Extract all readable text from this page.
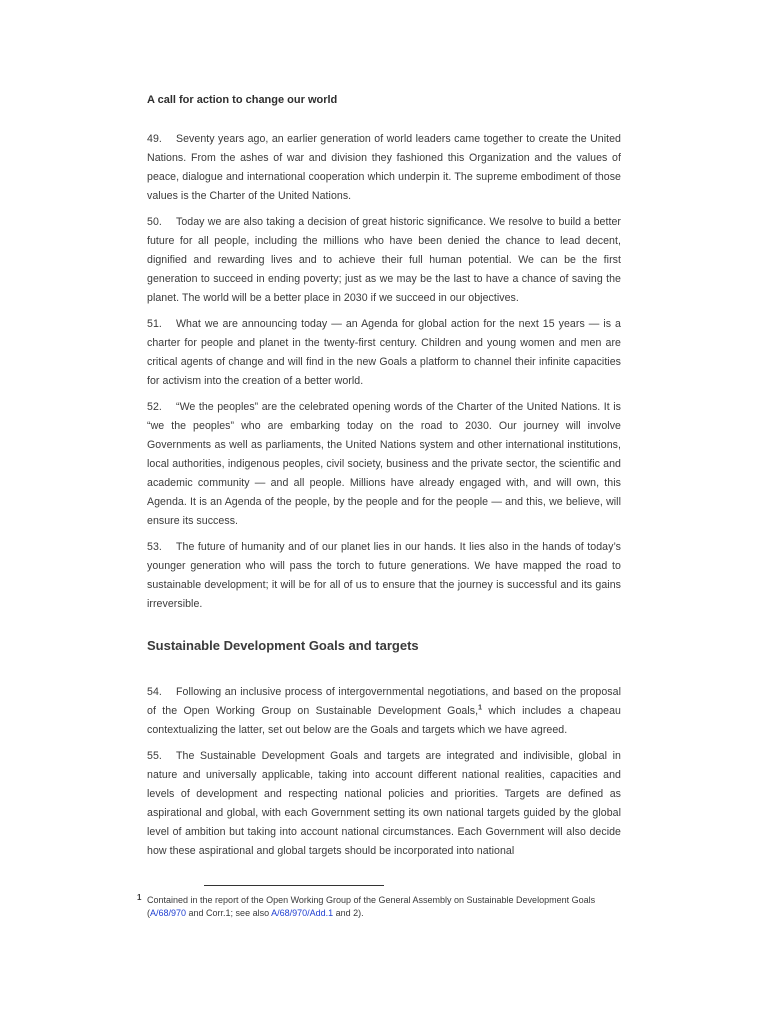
A call for action to change our world

49. Seventy years ago, an earlier generation of world leaders came together to create the United Nations. From the ashes of war and division they fashioned this Organization and the values of peace, dialogue and international cooperation which underpin it. The supreme embodiment of those values is the Charter of the United Nations.

50. Today we are also taking a decision of great historic significance. We resolve to build a better future for all people, including the millions who have been denied the chance to lead decent, dignified and rewarding lives and to achieve their full human potential. We can be the first generation to succeed in ending poverty; just as we may be the last to have a chance of saving the planet. The world will be a better place in 2030 if we succeed in our objectives.

51. What we are announcing today — an Agenda for global action for the next 15 years — is a charter for people and planet in the twenty-first century. Children and young women and men are critical agents of change and will find in the new Goals a platform to channel their infinite capacities for activism into the creation of a better world.

52. “We the peoples” are the celebrated opening words of the Charter of the United Nations. It is “we the peoples” who are embarking today on the road to 2030. Our journey will involve Governments as well as parliaments, the United Nations system and other international institutions, local authorities, indigenous peoples, civil society, business and the private sector, the scientific and academic community — and all people. Millions have already engaged with, and will own, this Agenda. It is an Agenda of the people, by the people and for the people — and this, we believe, will ensure its success.

53. The future of humanity and of our planet lies in our hands. It lies also in the hands of today’s younger generation who will pass the torch to future generations. We have mapped the road to sustainable development; it will be for all of us to ensure that the journey is successful and its gains irreversible.

Sustainable Development Goals and targets

54. Following an inclusive process of intergovernmental negotiations, and based on the proposal of the Open Working Group on Sustainable Development Goals,$^1$ which includes a chapeau contextualizing the latter, set out below are the Goals and targets which we have agreed.

55. The Sustainable Development Goals and targets are integrated and indivisible, global in nature and universally applicable, taking into account different national realities, capacities and levels of development and respecting national policies and priorities. Targets are defined as aspirational and global, with each Government setting its own national targets guided by the global level of ambition but taking into account national circumstances. Each Government will also decide how these aspirational and global targets should be incorporated into national

1 Contained in the report of the Open Working Group of the General Assembly on Sustainable Development Goals (A/68/970 and Corr.1; see also A/68/970/Add.1 and 2).
